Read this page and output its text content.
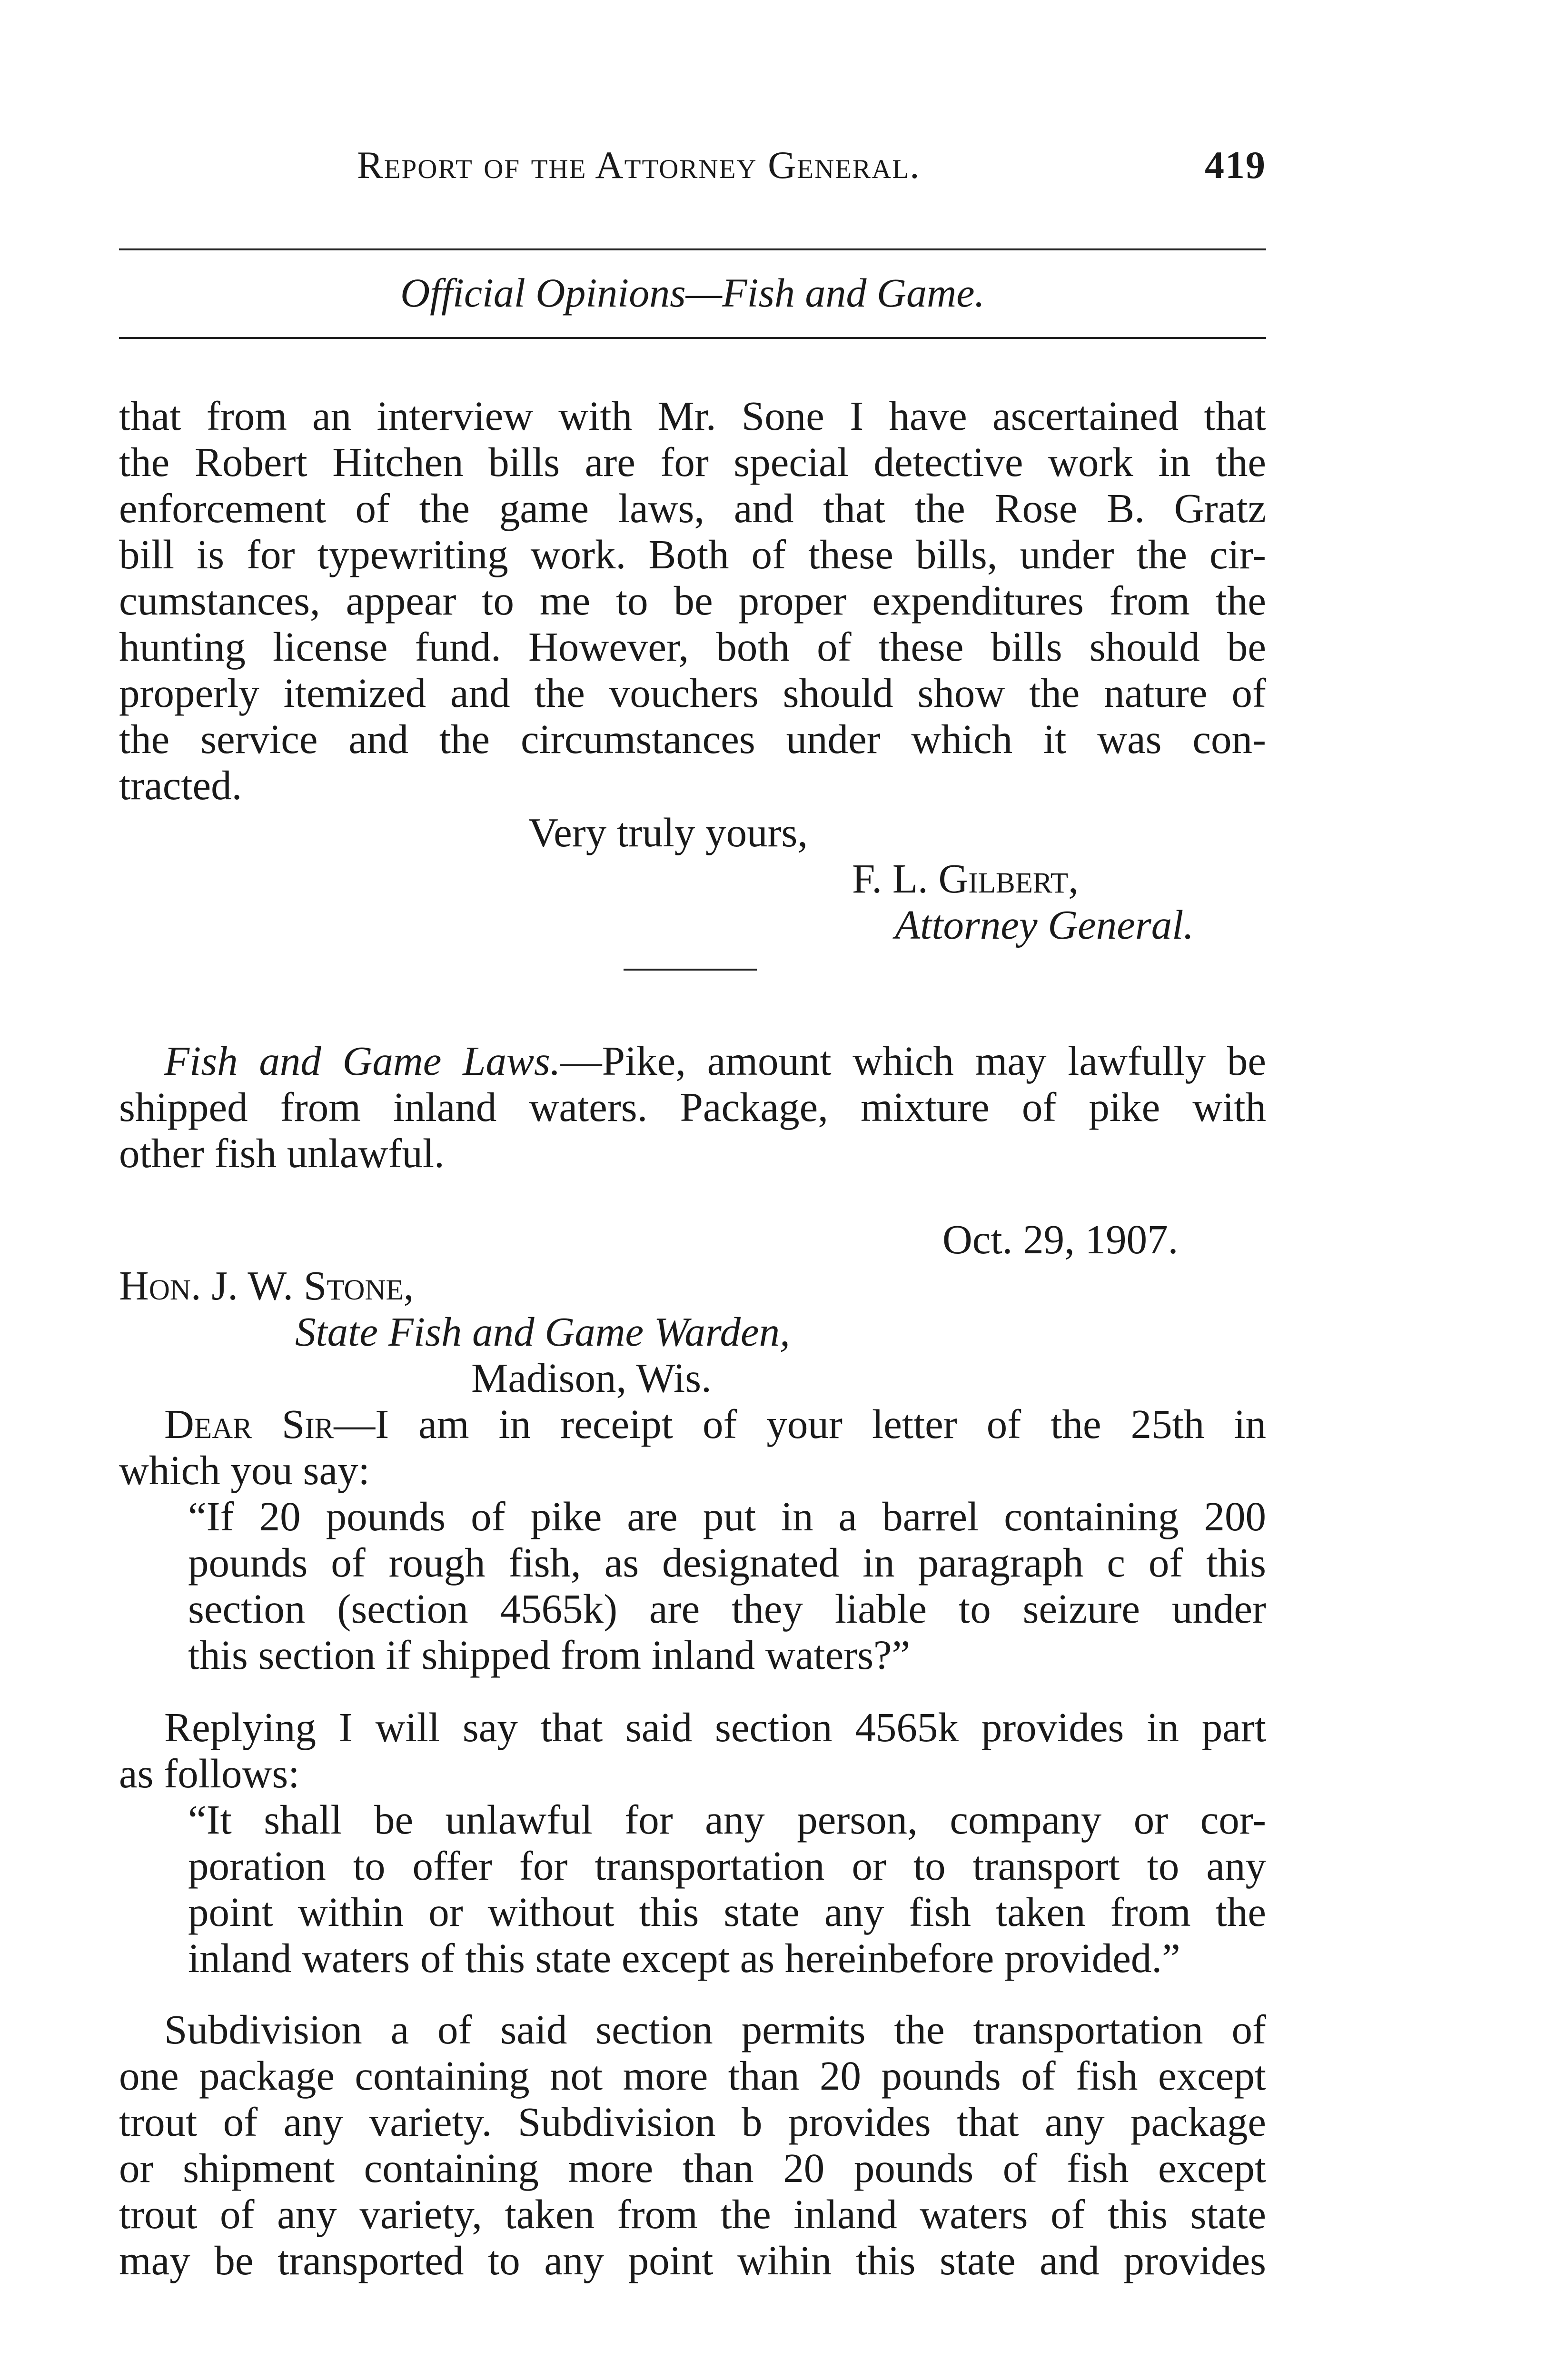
Report of the Attorney General.	419
Official Opinions—Fish and Game.
that from an interview with Mr. Sone I have ascertained that
the Robert Hitchen bills are for special detective work in the
enforcement of the game laws, and that the Rose B. Gratz
bill is for typewriting work. Both of these bills, under the cir-
cumstances, appear to me to be proper expenditures from the
hunting license fund. However, both of these bills should be
properly itemized and the vouchers should show the nature of
the service and the circumstances under which it was con-
tracted.
Very truly yours,
F. L. Gilbert,
Attorney General.
Fish and Game Laws.—Pike, amount which may lawfully be
shipped from inland waters. Package, mixture of pike with
other fish unlawful.
Oct. 29, 1907.
Hon. J. W. Stone,
State Fish and Game Warden,
Madison, Wis.
Dear Sir—I am in receipt of your letter of the 25th in
which you say:
“If 20 pounds of pike are put in a barrel containing 200
pounds of rough fish, as designated in paragraph c of this
section (section 4565k) are they liable to seizure under
this section if shipped from inland waters?”
Replying I will say that said section 4565k provides in part
as follows:
“It shall be unlawful for any person, company or cor-
poration to offer for transportation or to transport to any
point within or without this state any fish taken from the
inland waters of this state except as hereinbefore provided.”
Subdivision a of said section permits the transportation of
one package containing not more than 20 pounds of fish except
trout of any variety. Subdivision b provides that any package
or shipment containing more than 20 pounds of fish except
trout of any variety, taken from the inland waters of this state
may be transported to any point wihin this state and provides
